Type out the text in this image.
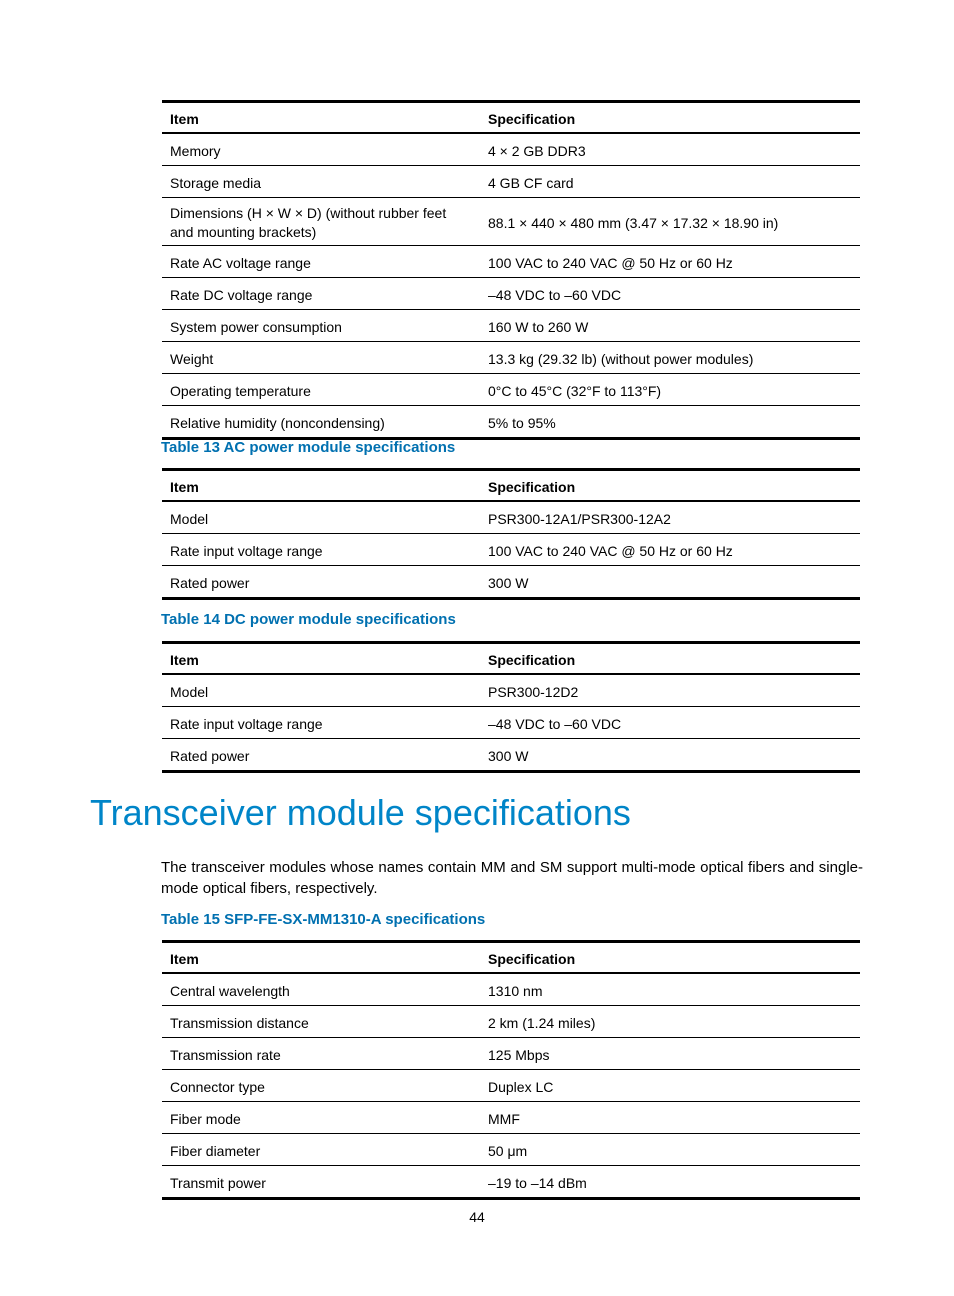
Item	Specification
Memory	4 × 2 GB DDR3
Storage media	4 GB CF card
Dimensions (H × W × D) (without rubber feet and mounting brackets)	88.1 × 440 × 480 mm (3.47 × 17.32 × 18.90 in)
Rate AC voltage range	100 VAC to 240 VAC @ 50 Hz or 60 Hz
Rate DC voltage range	–48 VDC to –60 VDC
System power consumption	160 W to 260 W
Weight	13.3 kg (29.32 lb) (without power modules)
Operating temperature	0°C to 45°C (32°F to 113°F)
Relative humidity (noncondensing)	5% to 95%
Table 13 AC power module specifications
Item	Specification
Model	PSR300-12A1/PSR300-12A2
Rate input voltage range	100 VAC to 240 VAC @ 50 Hz or 60 Hz
Rated power	300 W
Table 14 DC power module specifications
Item	Specification
Model	PSR300-12D2
Rate input voltage range	–48 VDC to –60 VDC
Rated power	300 W
Transceiver module specifications

The transceiver modules whose names contain MM and SM support multi-mode optical fibers and single-mode optical fibers, respectively.

Table 15 SFP-FE-SX-MM1310-A specifications
Item	Specification
Central wavelength	1310 nm
Transmission distance	2 km (1.24 miles)
Transmission rate	125 Mbps
Connector type	Duplex LC
Fiber mode	MMF
Fiber diameter	50 μm
Transmit power	–19 to –14 dBm
44
